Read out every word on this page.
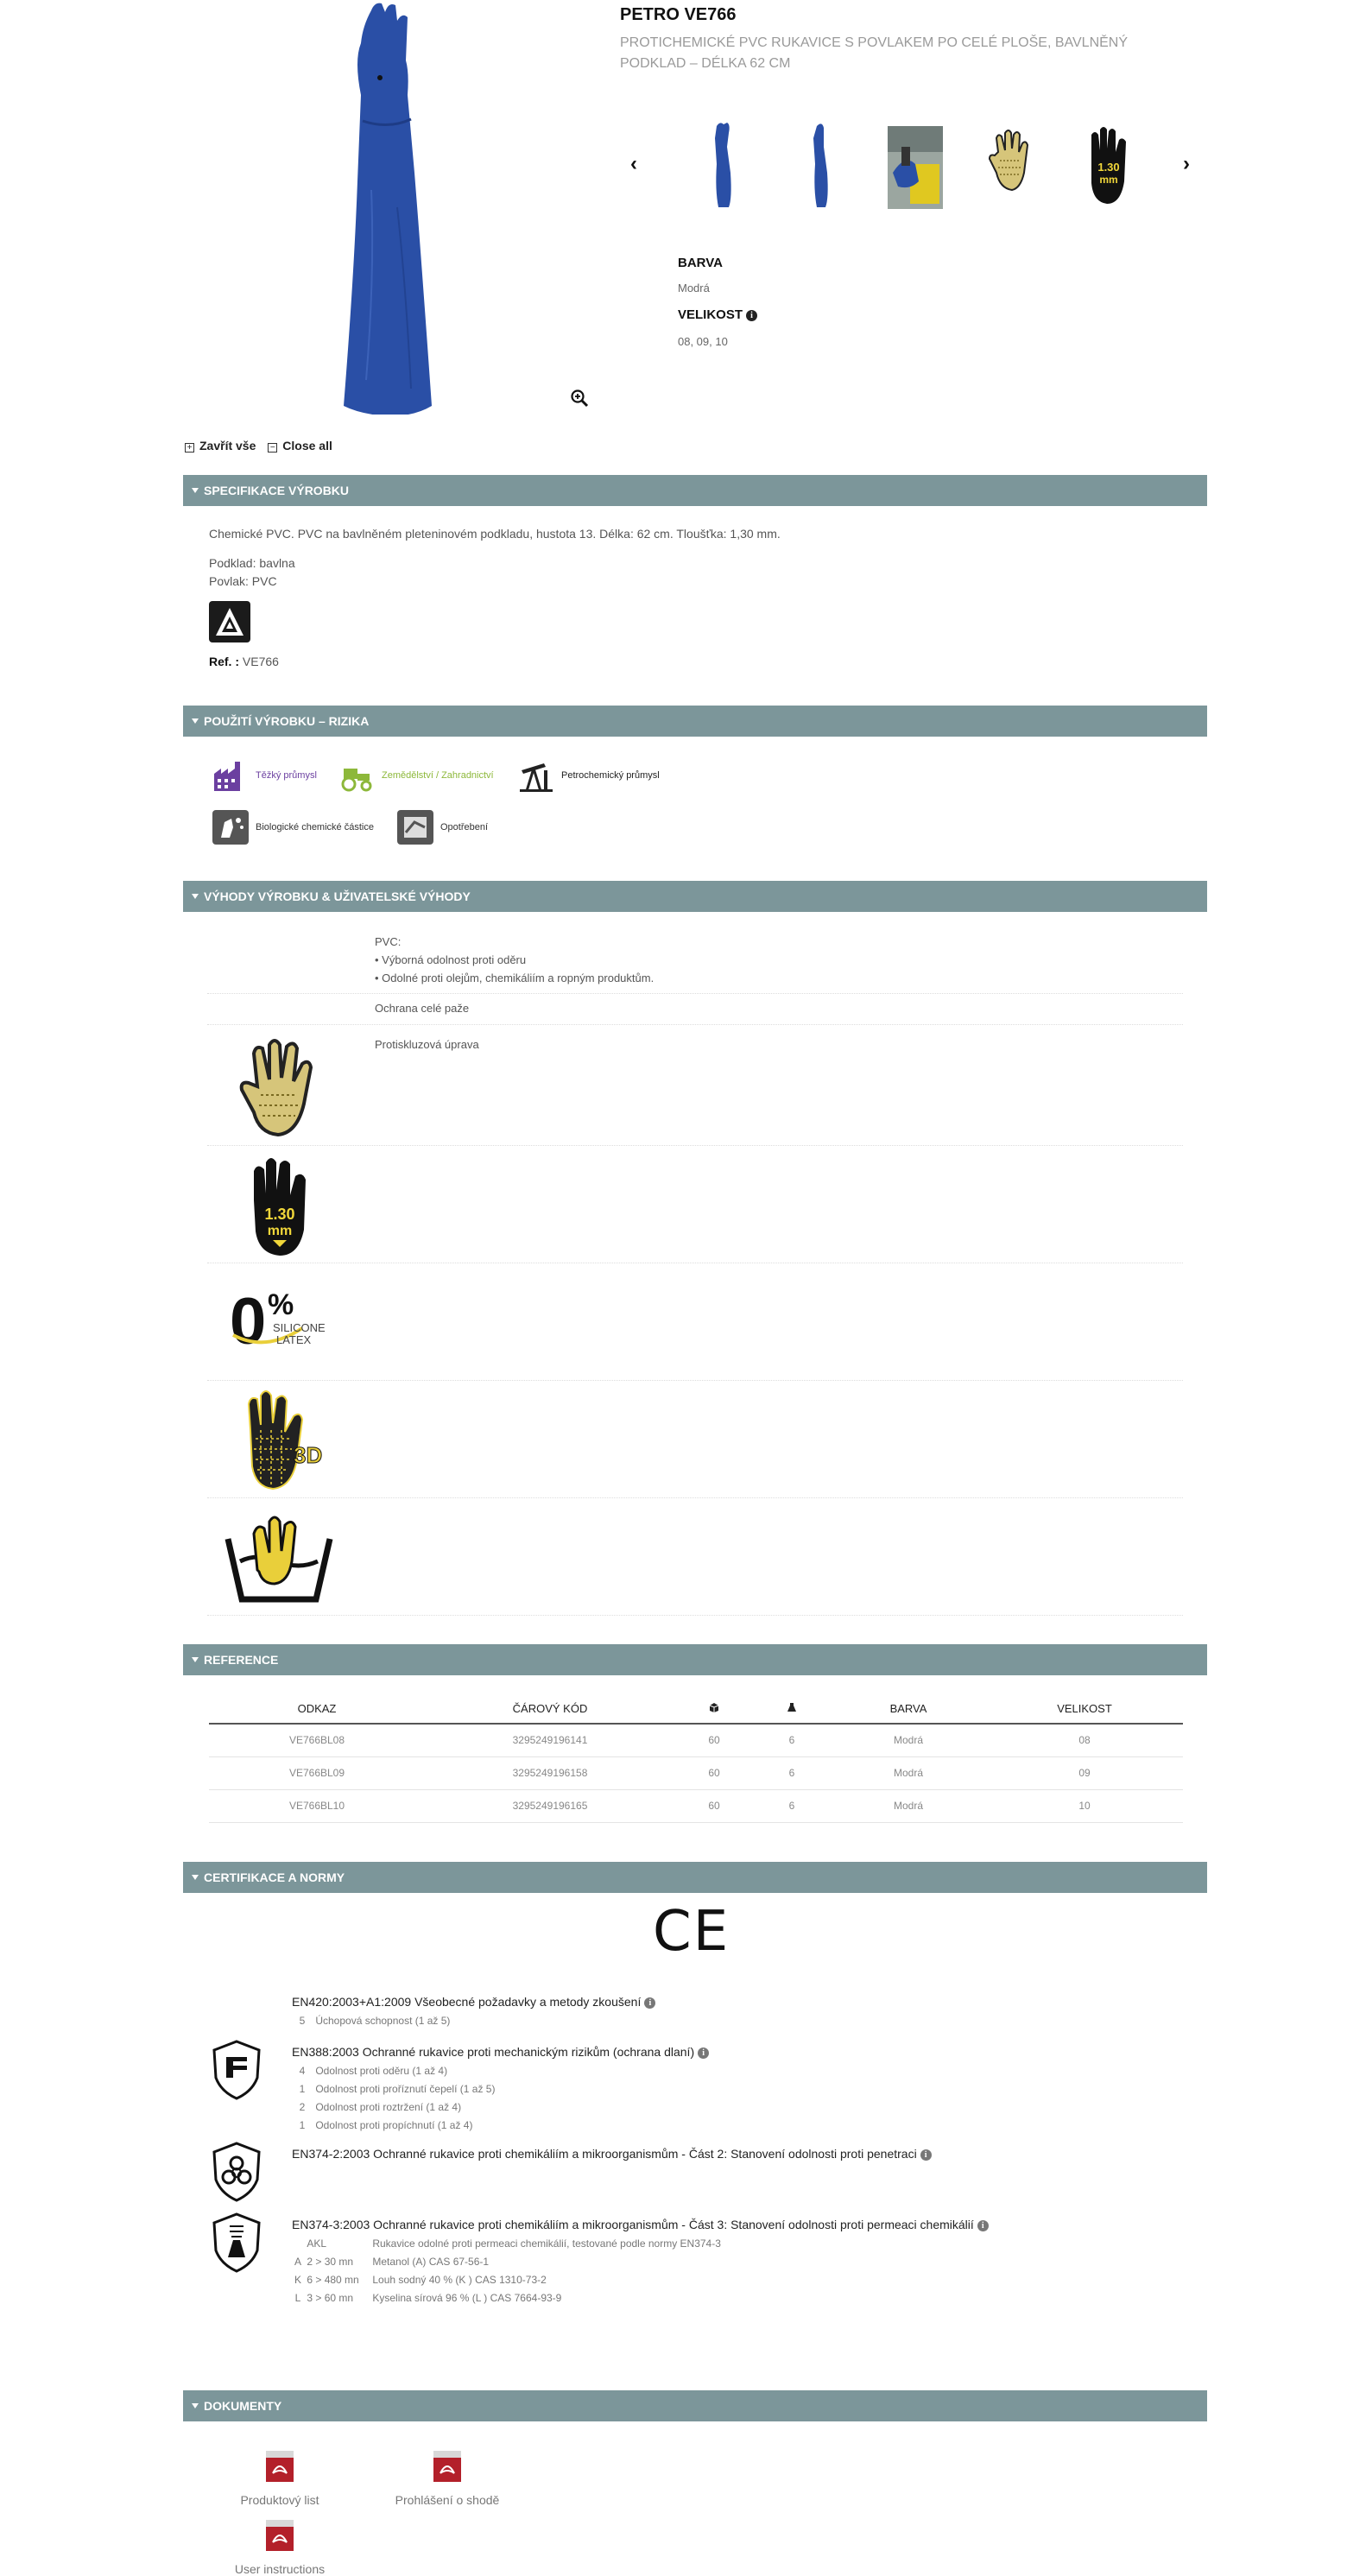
PETRO VE766

PROTICHEMICKÉ PVC RUKAVICE S POVLAKEM PO CELÉ PLOŠE, BAVLNĚNÝ PODKLAD – DÉLKA 62 CM

‹	1.30
mm
›
BARVA
Modrá
VELIKOST i
08, 09, 10
+ Zavřít vše − Close all
SPECIFIKACE VÝROBKU
Chemické PVC. PVC na bavlněném pleteninovém podkladu, hustota 13. Délka: 62 cm. Tloušťka: 1,30 mm.
Podklad: bavlna
Povlak: PVC
Ref. : VE766
POUŽITÍ VÝROBKU – RIZIKA
Těžký průmysl	Zemědělství / Zahradnictví	Petrochemický průmysl
Biologické chemické částice	Opotřebení
VÝHODY VÝROBKU & UŽIVATELSKÉ VÝHODY
PVC:
• Výborná odolnost proti oděru
• Odolné proti olejům, chemikáliím a ropným produktům.
Ochrana celé paže
Protiskluzová úprava
1.30
mm
0 %
SILICONE
LATEX
3D
REFERENCE
ODKAZ	ČÁROVÝ KÓD			BARVA	VELIKOST
VE766BL08	3295249196141	60	6	Modrá	08
VE766BL09	3295249196158	60	6	Modrá	09
VE766BL10	3295249196165	60	6	Modrá	10
CERTIFIKACE A NORMY
CE
EN420:2003+A1:2009 Všeobecné požadavky a metody zkoušení i
5 Úchopová schopnost (1 až 5)
EN388:2003 Ochranné rukavice proti mechanickým rizikům (ochrana dlaní) i
4 Odolnost proti oděru (1 až 4)
1 Odolnost proti proříznutí čepelí (1 až 5)
2 Odolnost proti roztržení (1 až 4)
1 Odolnost proti propíchnutí (1 až 4)
EN374-2:2003 Ochranné rukavice proti chemikáliím a mikroorganismům - Část 2: Stanovení odolnosti proti penetraci i
EN374-3:2003 Ochranné rukavice proti chemikáliím a mikroorganismům - Část 3: Stanovení odolnosti proti permeaci chemikálií i
AKL	Rukavice odolné proti permeaci chemikálií, testované podle normy EN374-3
A 2 > 30 mn Metanol (A) CAS 67-56-1
K 6 > 480 mn Louh sodný 40 % (K ) CAS 1310-73-2
L 3 > 60 mn Kyselina sírová 96 % (L ) CAS 7664-93-9
DOKUMENTY
Produktový list	Prohlášení o shodě
User instructions
